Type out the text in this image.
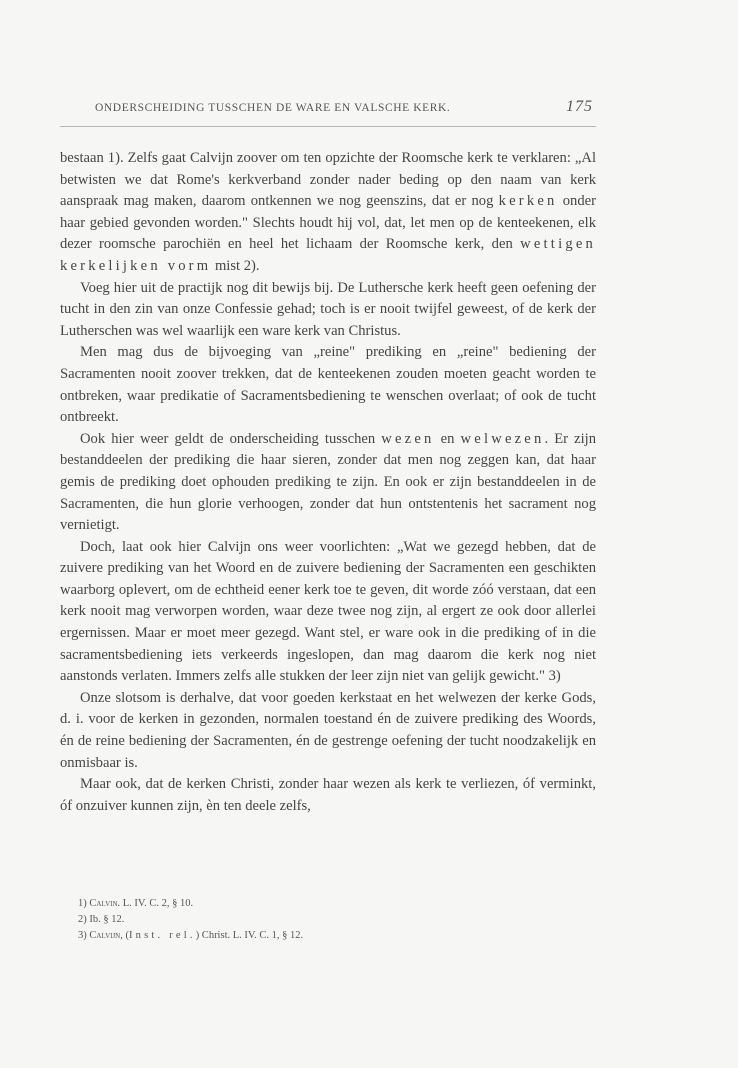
ONDERSCHEIDING TUSSCHEN DE WARE EN VALSCHE KERK.	175

bestaan 1). Zelfs gaat Calvijn zoover om ten opzichte der Roomsche kerk te verklaren: „Al betwisten we dat Rome's kerkverband zonder nader beding op den naam van kerk aanspraak mag maken, daarom ontkennen we nog geenszins, dat er nog kerken onder haar gebied gevonden worden." Slechts houdt hij vol, dat, let men op de kenteekenen, elk dezer roomsche parochiën en heel het lichaam der Roomsche kerk, den wettigen kerkelijken vorm mist 2).

Voeg hier uit de practijk nog dit bewijs bij. De Luthersche kerk heeft geen oefening der tucht in den zin van onze Confessie gehad; toch is er nooit twijfel geweest, of de kerk der Lutherschen was wel waarlijk een ware kerk van Christus.

Men mag dus de bijvoeging van „reine" prediking en „reine" bediening der Sacramenten nooit zoover trekken, dat de kenteekenen zouden moeten geacht worden te ontbreken, waar predikatie of Sacramentsbediening te wenschen overlaat; of ook de tucht ontbreekt.

Ook hier weer geldt de onderscheiding tusschen wezen en welwezen. Er zijn bestanddeelen der prediking die haar sieren, zonder dat men nog zeggen kan, dat haar gemis de prediking doet ophouden prediking te zijn. En ook er zijn bestanddeelen in de Sacramenten, die hun glorie verhoogen, zonder dat hun ontstentenis het sacrament nog vernietigt.

Doch, laat ook hier Calvijn ons weer voorlichten: „Wat we gezegd hebben, dat de zuivere prediking van het Woord en de zuivere bediening der Sacramenten een geschikten waarborg oplevert, om de echtheid eener kerk toe te geven, dit worde zóó verstaan, dat een kerk nooit mag verworpen worden, waar deze twee nog zijn, al ergert ze ook door allerlei ergernissen. Maar er moet meer gezegd. Want stel, er ware ook in die prediking of in die sacramentsbediening iets verkeerds ingeslopen, dan mag daarom die kerk nog niet aanstonds verlaten. Immers zelfs alle stukken der leer zijn niet van gelijk gewicht." 3)

Onze slotsom is derhalve, dat voor goeden kerkstaat en het welwezen der kerke Gods, d. i. voor de kerken in gezonden, normalen toestand én de zuivere prediking des Woords, én de reine bediening der Sacramenten, én de gestrenge oefening der tucht noodzakelijk en onmisbaar is.

Maar ook, dat de kerken Christi, zonder haar wezen als kerk te verliezen, óf verminkt, óf onzuiver kunnen zijn, èn ten deele zelfs,

1) Calvin. L. IV. C. 2, § 10.
2) Ib. § 12.
3) Calvijn, (Inst. rel.) Christ. L. IV. C. 1, § 12.
